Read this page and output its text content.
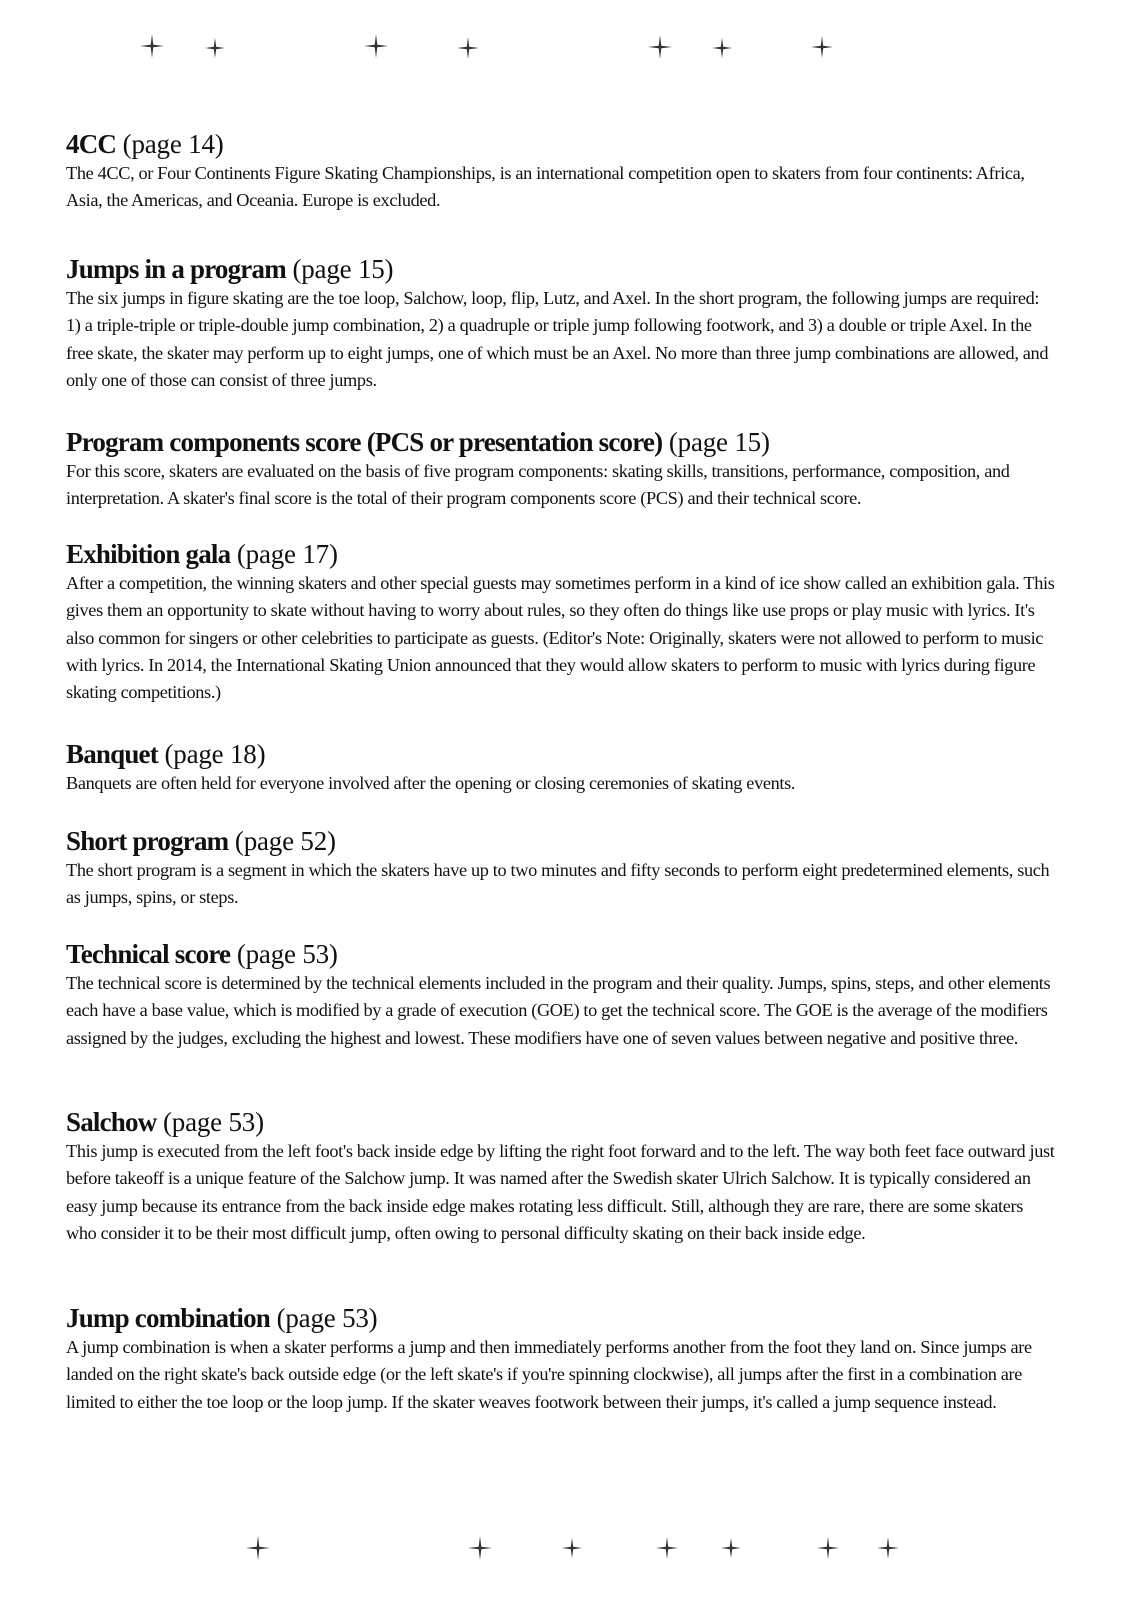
4CC (page 14)

The 4CC, or Four Continents Figure Skating Championships, is an international competition open to skaters from four continents: Africa, Asia, the Americas, and Oceania. Europe is excluded.

Jumps in a program (page 15)

The six jumps in figure skating are the toe loop, Salchow, loop, flip, Lutz, and Axel. In the short program, the following jumps are required: 1) a triple-triple or triple-double jump combination, 2) a quadruple or triple jump following footwork, and 3) a double or triple Axel. In the free skate, the skater may perform up to eight jumps, one of which must be an Axel. No more than three jump combinations are allowed, and only one of those can consist of three jumps.

Program components score (PCS or presentation score) (page 15)

For this score, skaters are evaluated on the basis of five program components: skating skills, transitions, performance, composition, and interpretation. A skater's final score is the total of their program components score (PCS) and their technical score.

Exhibition gala (page 17)

After a competition, the winning skaters and other special guests may sometimes perform in a kind of ice show called an exhibition gala. This gives them an opportunity to skate without having to worry about rules, so they often do things like use props or play music with lyrics. It's also common for singers or other celebrities to participate as guests. (Editor's Note: Originally, skaters were not allowed to perform to music with lyrics. In 2014, the International Skating Union announced that they would allow skaters to perform to music with lyrics during figure skating competitions.)

Banquet (page 18)

Banquets are often held for everyone involved after the opening or closing ceremonies of skating events.

Short program (page 52)

The short program is a segment in which the skaters have up to two minutes and fifty seconds to perform eight predetermined elements, such as jumps, spins, or steps.

Technical score (page 53)

The technical score is determined by the technical elements included in the program and their quality. Jumps, spins, steps, and other elements each have a base value, which is modified by a grade of execution (GOE) to get the technical score. The GOE is the average of the modifiers assigned by the judges, excluding the highest and lowest. These modifiers have one of seven values between negative and positive three.

Salchow (page 53)

This jump is executed from the left foot's back inside edge by lifting the right foot forward and to the left. The way both feet face outward just before takeoff is a unique feature of the Salchow jump. It was named after the Swedish skater Ulrich Salchow. It is typically considered an easy jump because its entrance from the back inside edge makes rotating less difficult. Still, although they are rare, there are some skaters who consider it to be their most difficult jump, often owing to personal difficulty skating on their back inside edge.

Jump combination (page 53)

A jump combination is when a skater performs a jump and then immediately performs another from the foot they land on. Since jumps are landed on the right skate's back outside edge (or the left skate's if you're spinning clockwise), all jumps after the first in a combination are limited to either the toe loop or the loop jump. If the skater weaves footwork between their jumps, it's called a jump sequence instead.
